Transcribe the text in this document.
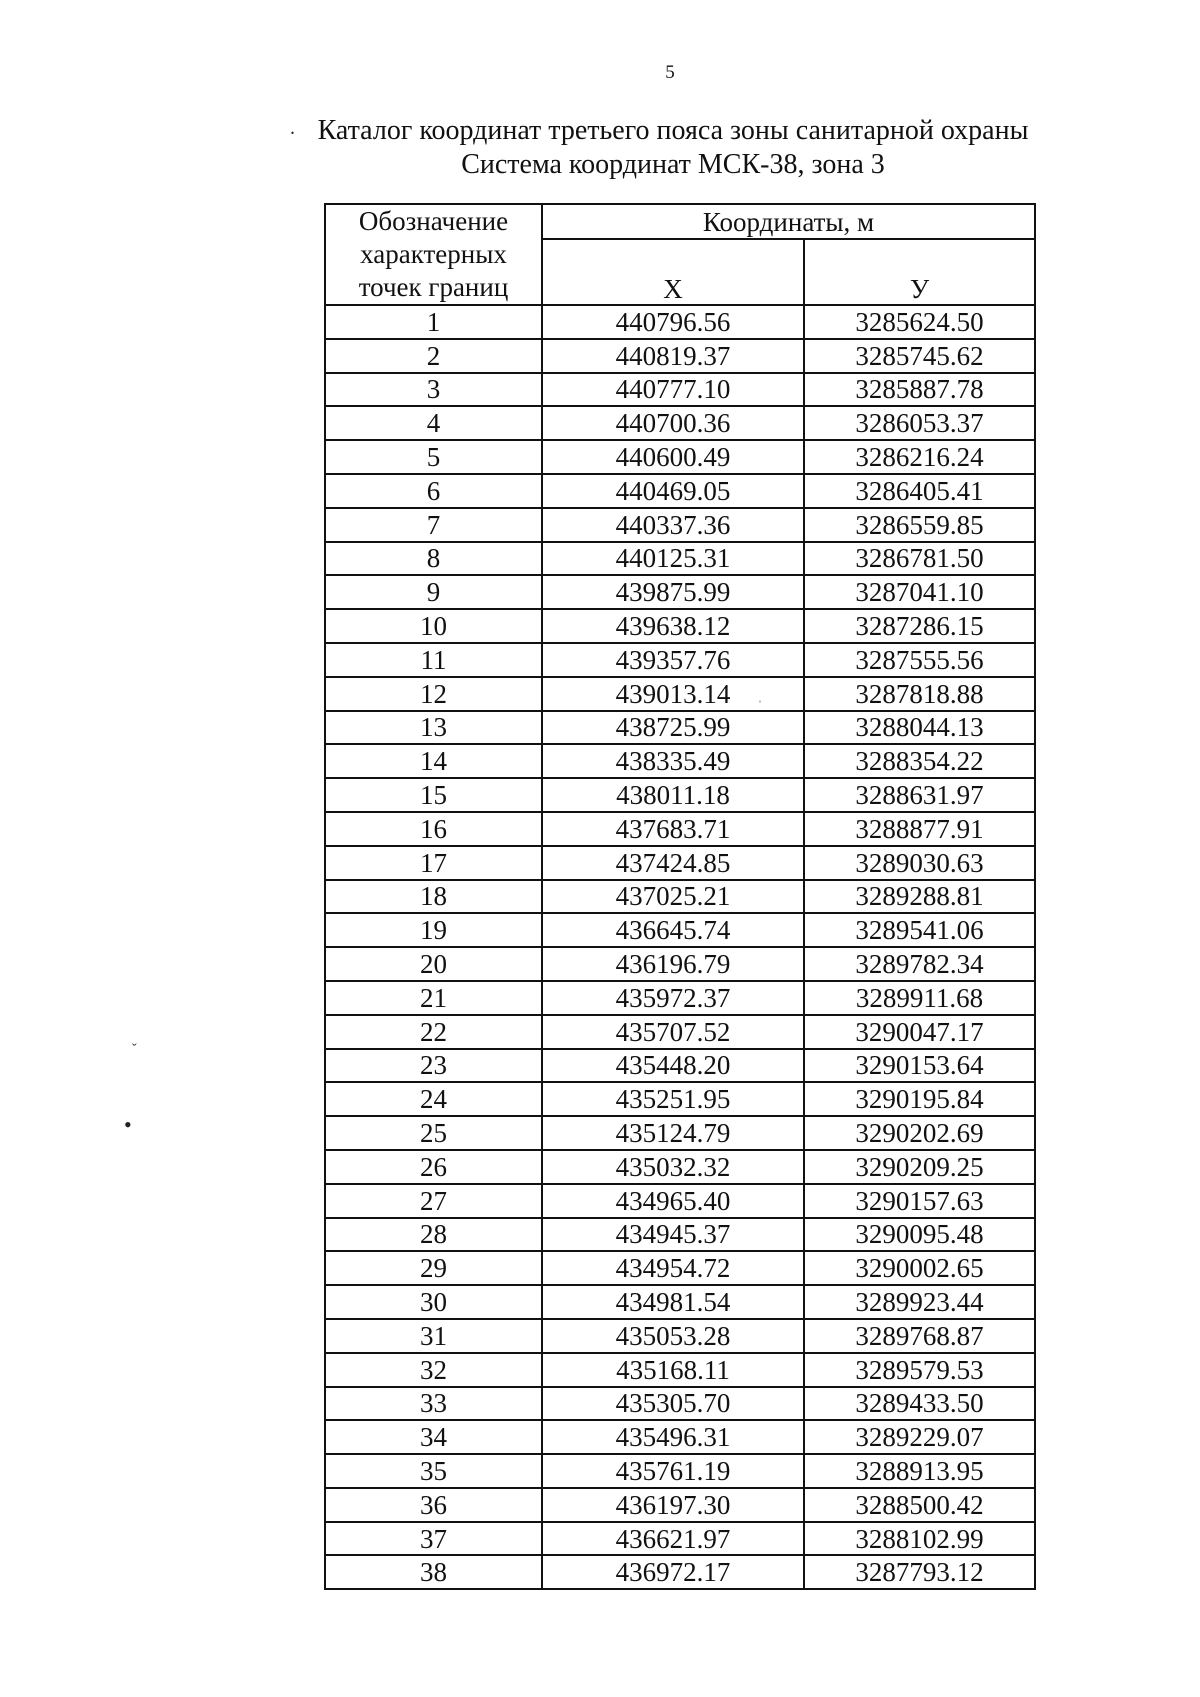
5
.
ˇ
•
ˈ
Каталог координат третьего пояса зоны санитарной охраны
Система координат МСК-38, зона 3
Обозначение характерных точек границ	Координаты, м	
	Х	У
1	440796.56	3285624.50
2	440819.37	3285745.62
3	440777.10	3285887.78
4	440700.36	3286053.37
5	440600.49	3286216.24
6	440469.05	3286405.41
7	440337.36	3286559.85
8	440125.31	3286781.50
9	439875.99	3287041.10
10	439638.12	3287286.15
11	439357.76	3287555.56
12	439013.14	3287818.88
13	438725.99	3288044.13
14	438335.49	3288354.22
15	438011.18	3288631.97
16	437683.71	3288877.91
17	437424.85	3289030.63
18	437025.21	3289288.81
19	436645.74	3289541.06
20	436196.79	3289782.34
21	435972.37	3289911.68
22	435707.52	3290047.17
23	435448.20	3290153.64
24	435251.95	3290195.84
25	435124.79	3290202.69
26	435032.32	3290209.25
27	434965.40	3290157.63
28	434945.37	3290095.48
29	434954.72	3290002.65
30	434981.54	3289923.44
31	435053.28	3289768.87
32	435168.11	3289579.53
33	435305.70	3289433.50
34	435496.31	3289229.07
35	435761.19	3288913.95
36	436197.30	3288500.42
37	436621.97	3288102.99
38	436972.17	3287793.12
